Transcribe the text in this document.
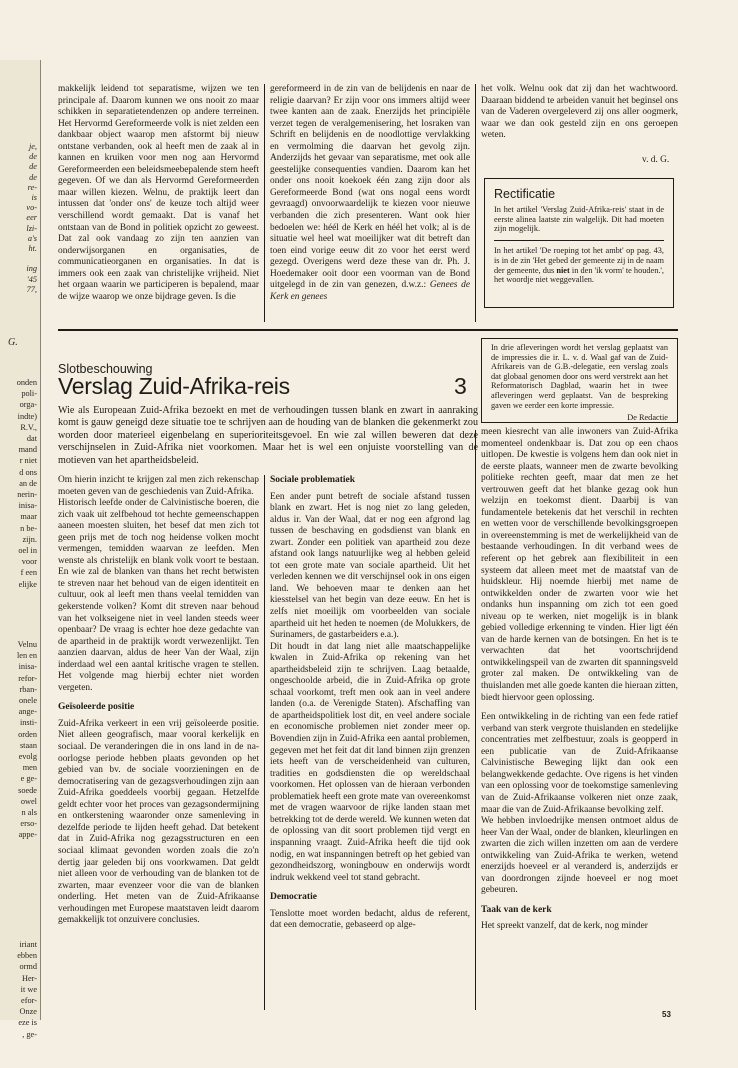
je,
de
de
de
re-
is
vo-
eer
lzi-
a's
ht.
ing
'45
77,
G.
onden
poli-
orga-
indte)
R.V.,
dat
mand
r niet
d ons
an de
nerin-
inisa-
maar
n be-
zijn.
oel in
voor
f een
elijke
Velnu
len en
inisa-
refor-
rban-
onele
ange-
insti-
orden
staan
evolg
men
e ge-
soede
owel
n als
erso-
appe-
iriant
ebben
ormd
Her-
it we
efor-
Onze
eze is
, ge-

makkelijk leidend tot separatisme, wijzen we ten principale af. Daarom kunnen we ons nooit zo maar schikken in separatietendenzen op andere terreinen. Het Hervormd Gereformeerde volk is niet zelden een dankbaar object waarop men afstormt bij nieuw ontstane verbanden, ook al heeft men de zaak al in kannen en kruiken voor men nog aan Hervormd Gereformeerden een beleidsmeebepalende stem heeft gegeven. Of we dan als Hervormd Gereformeerden maar willen kiezen. Welnu, de praktijk leert dan intussen dat 'onder ons' de keuze toch altijd weer verschillend wordt gemaakt. Dat is vanaf het ontstaan van de Bond in politiek opzicht zo geweest. Dat zal ook vandaag zo zijn ten aanzien van onderwijsorganen en organisaties, de communicatieorganen en organisaties. In dat is immers ook een zaak van christelijke vrijheid. Niet het orgaan waarin we participeren is bepalend, maar de wijze waarop we onze bijdrage geven. Is die

gereformeerd in de zin van de belijdenis en naar de religie daarvan? Er zijn voor ons immers altijd weer twee kanten aan de zaak. Enerzijds het principiële verzet tegen de veralgemenisering, het losraken van Schrift en belijdenis en de noodlottige vervlakking en vermolming die daarvan het gevolg zijn. Anderzijds het gevaar van separatisme, met ook alle geestelijke consequenties vandien. Daarom kan het onder ons nooit koekoek één zang zijn door als Gereformeerde Bond (wat ons nogal eens wordt gevraagd) onvoorwaardelijk te kiezen voor nieuwe verbanden die zich presenteren. Want ook hier bedoelen we: héél de Kerk en héél het volk; al is de situatie wel heel wat moeilijker wat dit betreft dan toen eind vorige eeuw dit zo voor het eerst werd gezegd. Overigens werd deze these van dr. Ph. J. Hoedemaker ooit door een voorman van de Bond uitgelegd in de zin van genezen, d.w.z.: Genees de Kerk en genees

het volk. Welnu ook dat zij dan het wachtwoord. Daaraan biddend te arbeiden vanuit het beginsel ons van de Vaderen overgeleverd zij ons aller oogmerk, waar we dan ook gesteld zijn en ons geroepen weten.

v. d. G.
Rectificatie

In het artikel 'Verslag Zuid-Afrika-reis' staat in de eerste alinea laatste zin walgelijk. Dit had moeten zijn mogelijk.

In het artikel 'De roeping tot het ambt' op pag. 43, is in de zin 'Het gebed der gemeente zij in de naam der gemeente, dus niet in den 'ik vorm' te houden.', het woordje niet weggevallen.

In drie afleveringen wordt het verslag geplaatst van de impressies die ir. L. v. d. Waal gaf van de Zuid-Afrikareis van de G.B.-delegatie, een verslag zoals dat globaal genomen door ons werd verstrekt aan het Reformatorisch Dagblad, waarin het in twee afleveringen werd geplaatst. Van de bespreking gaven we eerder een korte impressie.

De Redactie

Slotbeschouwing
Verslag Zuid-Afrika-reis	3

Wie als Europeaan Zuid-Afrika bezoekt en met de verhoudingen tussen blank en zwart in aanraking komt is gauw geneigd deze situatie toe te schrijven aan de houding van de blanken die gekenmerkt zou worden door materieel eigenbelang en superioriteitsgevoel. En wie zal willen beweren dat deze verschijnselen in Zuid-Afrika niet voorkomen. Maar het is wel een onjuiste voorstelling van de motieven van het apartheidsbeleid.

Om hierin inzicht te krijgen zal men zich rekenschap moeten geven van de geschiedenis van Zuid-Afrika.

Historisch leefde onder de Calvinistische boeren, die zich vaak uit zelfbehoud tot hechte gemeenschappen aaneen moesten sluiten, het besef dat men zich tot geen prijs met de toch nog heidense volken mocht vermengen, temidden waarvan ze leefden. Men wenste als christelijk en blank volk voort te bestaan. En wie zal de blanken van thans het recht betwisten te streven naar het behoud van de eigen identiteit en cultuur, ook al leeft men thans veelal temidden van gekerstende volken? Komt dit streven naar behoud van het volkseigene niet in veel landen steeds weer openbaar? De vraag is echter hoe deze gedachte van de apartheid in de praktijk wordt verwezenlijkt. Ten aanzien daarvan, aldus de heer Van der Waal, zijn inderdaad wel een aantal kritische vragen te stellen. Het volgende mag hierbij echter niet worden vergeten.

Geïsoleerde positie

Zuid-Afrika verkeert in een vrij geïsoleerde positie. Niet alleen geografisch, maar vooral kerkelijk en sociaal. De veranderingen die in ons land in de na-oorlogse periode hebben plaats gevonden op het gebied van bv. de sociale voorzieningen en de democratisering van de gezagsverhoudingen zijn aan Zuid-Afrika goeddeels voorbij gegaan. Hetzelfde geldt echter voor het proces van gezagsondermijning en ontkerstening waaronder onze samenleving in dezelfde periode te lijden heeft gehad. Dat betekent dat in Zuid-Afrika nog gezagsstructuren en een sociaal klimaat gevonden worden zoals die zo'n dertig jaar geleden bij ons voorkwamen. Dat geldt niet alleen voor de verhouding van de blanken tot de zwarten, maar evenzeer voor die van de blanken onderling. Het meten van de Zuid-Afrikaanse verhoudingen met Europese maatstaven leidt daarom gemakkelijk tot onzuivere conclusies.

Sociale problematiek

Een ander punt betreft de sociale afstand tussen blank en zwart. Het is nog niet zo lang geleden, aldus ir. Van der Waal, dat er nog een afgrond lag tussen de beschaving en godsdienst van blank en zwart. Zonder een politiek van apartheid zou deze afstand ook langs natuurlijke weg al hebben geleid tot een grote mate van sociale apartheid. Uit het verleden kennen we dit verschijnsel ook in ons eigen land. We behoeven maar te denken aan het kiesstelsel van het begin van deze eeuw. En het is zelfs niet moeilijk om voorbeelden van sociale apartheid uit het heden te noemen (de Molukkers, de Surinamers, de gastarbeiders e.a.).

Dit houdt in dat lang niet alle maatschappelijke kwalen in Zuid-Afrika op rekening van het apartheidsbeleid zijn te schrijven. Laag betaalde, ongeschoolde arbeid, die in Zuid-Afrika op grote schaal voorkomt, treft men ook aan in veel andere landen (o.a. de Verenigde Staten). Afschaffing van de apartheidspolitiek lost dit, en veel andere sociale en economische problemen niet zonder meer op. Bovendien zijn in Zuid-Afrika een aantal problemen, gegeven met het feit dat dit land binnen zijn grenzen iets heeft van de verscheidenheid van culturen, tradities en godsdiensten die op wereldschaal voorkomen. Het oplossen van de hieraan verbonden problematiek heeft een grote mate van overeenkomst met de vragen waarvoor de rijke landen staan met betrekking tot de derde wereld. We kunnen weten dat de oplossing van dit soort problemen tijd vergt en inspanning vraagt. Zuid-Afrika heeft die tijd ook nodig, en wat inspanningen betreft op het gebied van gezondheidszorg, woningbouw en onderwijs wordt indruk wekkend veel tot stand gebracht.

Democratie

Tenslotte moet worden bedacht, aldus de referent, dat een democratie, gebaseerd op alge-

meen kiesrecht van alle inwoners van Zuid-Afrika momenteel ondenkbaar is. Dat zou op een chaos uitlopen. De kwestie is volgens hem dan ook niet in de eerste plaats, wanneer men de zwarte bevolking politieke rechten geeft, maar dat men ze het vertrouwen geeft dat het blanke gezag ook hun welzijn en toekomst dient. Daarbij is van fundamentele betekenis dat het verschil in rechten en wetten voor de verschillende bevolkingsgroepen in overeenstemming is met de werkelijkheid van de bestaande verhoudingen. In dit verband wees de referent op het gebrek aan flexibiliteit in een systeem dat alleen meet met de maatstaf van de huidskleur. Hij noemde hierbij met name de ontwikkelden onder de zwarten voor wie het ondanks hun inspanning om zich tot een goed niveau op te werken, niet mogelijk is in blank gebied volledige erkenning te vinden. Hier ligt één van de harde kernen van de botsingen. En het is te verwachten dat het voortschrijdend ontwikkelingspeil van de zwarten dit spanningsveld groter zal maken. De ontwikkeling van de thuislanden met alle goede kanten die hieraan zitten, biedt hiervoor geen oplossing.

Een ontwikkeling in de richting van een fede ratief verband van sterk vergrote thuislanden en stedelijke concentraties met zelfbestuur, zoals is geopperd in een publicatie van de Zuid-Afrikaanse Calvinistische Beweging lijkt dan ook een belangwekkende gedachte. Ove rigens is het vinden van een oplossing voor de toekomstige samenleving van de Zuid-Afrikaanse volkeren niet onze zaak, maar die van de Zuid-Afrikaanse bevolking zelf.

We hebben invloedrijke mensen ontmoet aldus de heer Van der Waal, onder de blanken, kleurlingen en zwarten die zich willen inzetten om aan de verdere ontwikkeling van Zuid-Afrika te werken, wetend enerzijds hoeveel er al veranderd is, anderzijds er van doordrongen zijnde hoeveel er nog moet gebeuren.

Taak van de kerk

Het spreekt vanzelf, dat de kerk, nog minder

53
